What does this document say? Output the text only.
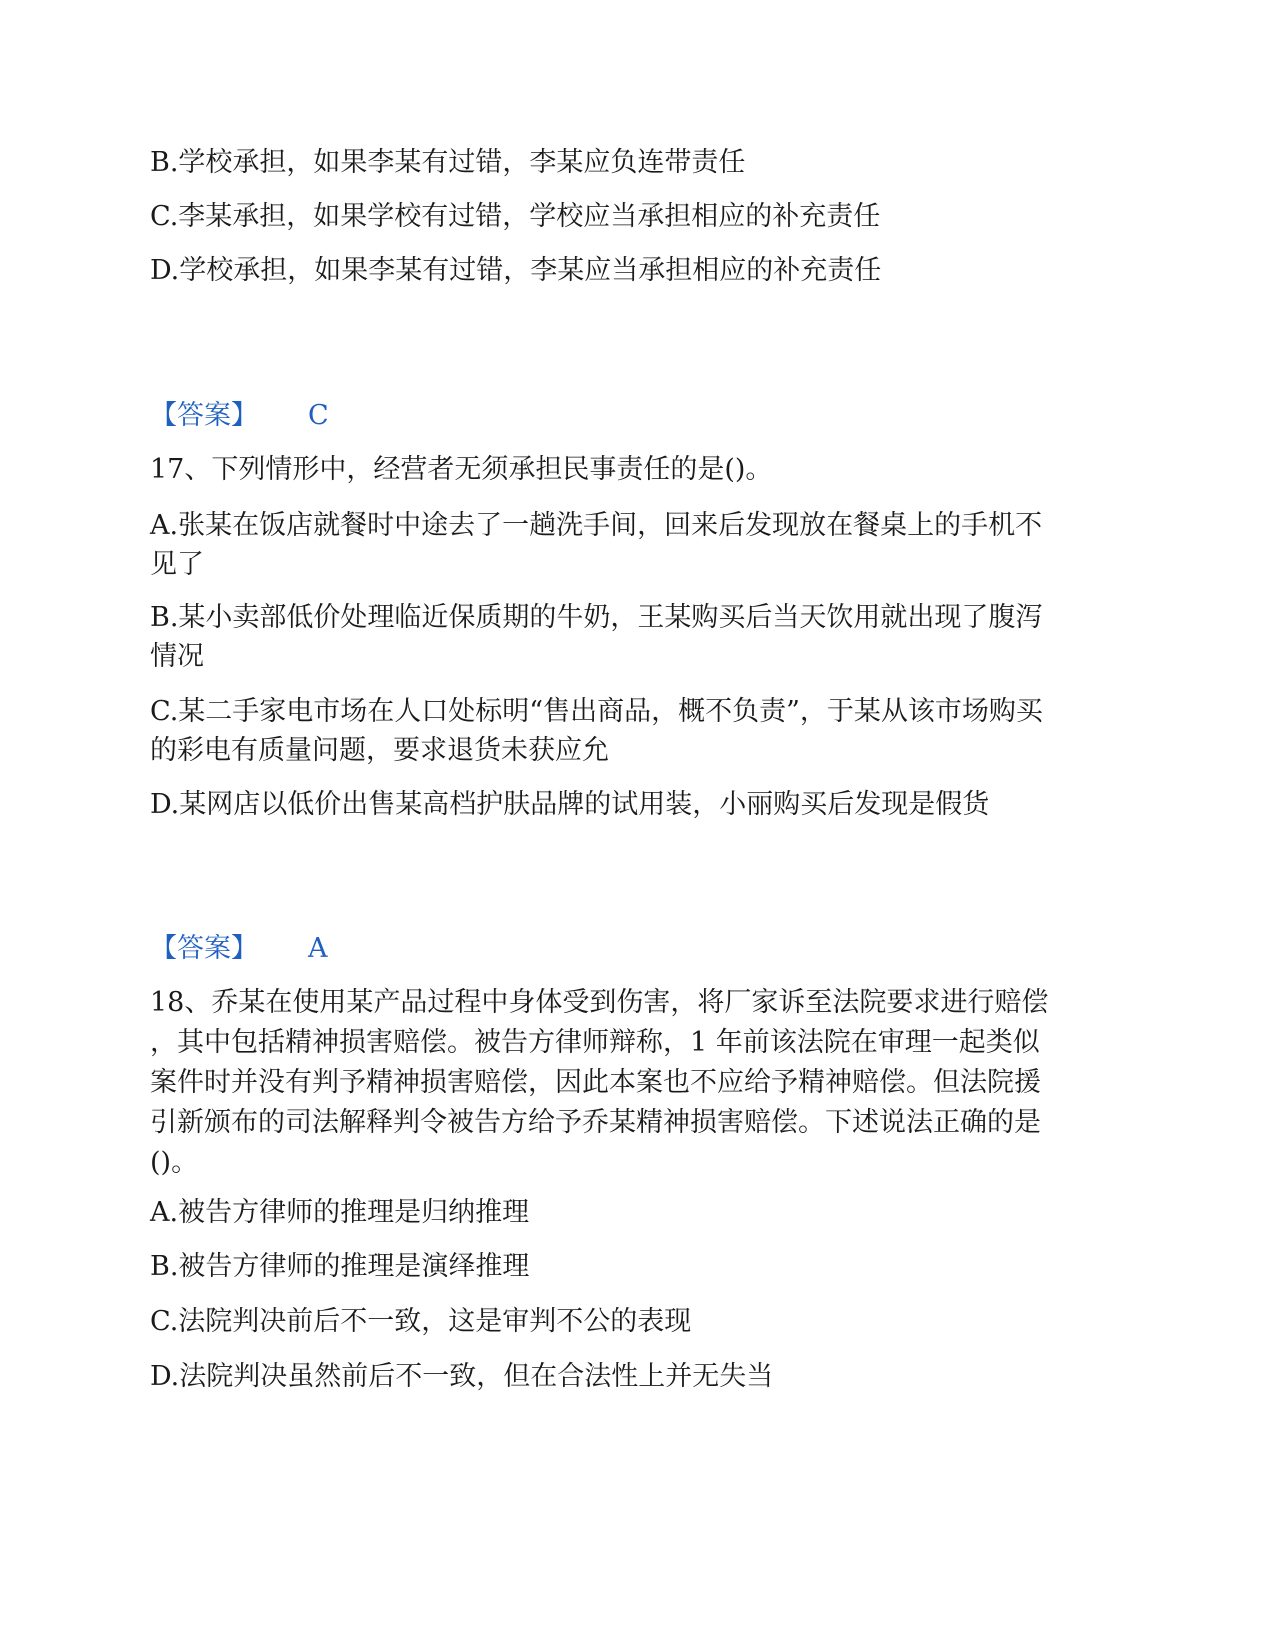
B.学校承担，如果李某有过错，李某应负连带责任
C.李某承担，如果学校有过错，学校应当承担相应的补充责任
D.学校承担，如果李某有过错，李某应当承担相应的补充责任
【答案】 C
17、下列情形中，经营者无须承担民事责任的是()。
A.张某在饭店就餐时中途去了一趟洗手间，回来后发现放在餐桌上的手机不
见了
B.某小卖部低价处理临近保质期的牛奶，王某购买后当天饮用就出现了腹泻
情况
C.某二手家电市场在人口处标明“售出商品，概不负责”，于某从该市场购买
的彩电有质量问题，要求退货未获应允
D.某网店以低价出售某高档护肤品牌的试用装，小丽购买后发现是假货
【答案】 A
18、乔某在使用某产品过程中身体受到伤害，将厂家诉至法院要求进行赔偿
，其中包括精神损害赔偿。被告方律师辩称，1 年前该法院在审理一起类似
案件时并没有判予精神损害赔偿，因此本案也不应给予精神赔偿。但法院援
引新颁布的司法解释判令被告方给予乔某精神损害赔偿。下述说法正确的是
()。
A.被告方律师的推理是归纳推理
B.被告方律师的推理是演绎推理
C.法院判决前后不一致，这是审判不公的表现
D.法院判决虽然前后不一致，但在合法性上并无失当
